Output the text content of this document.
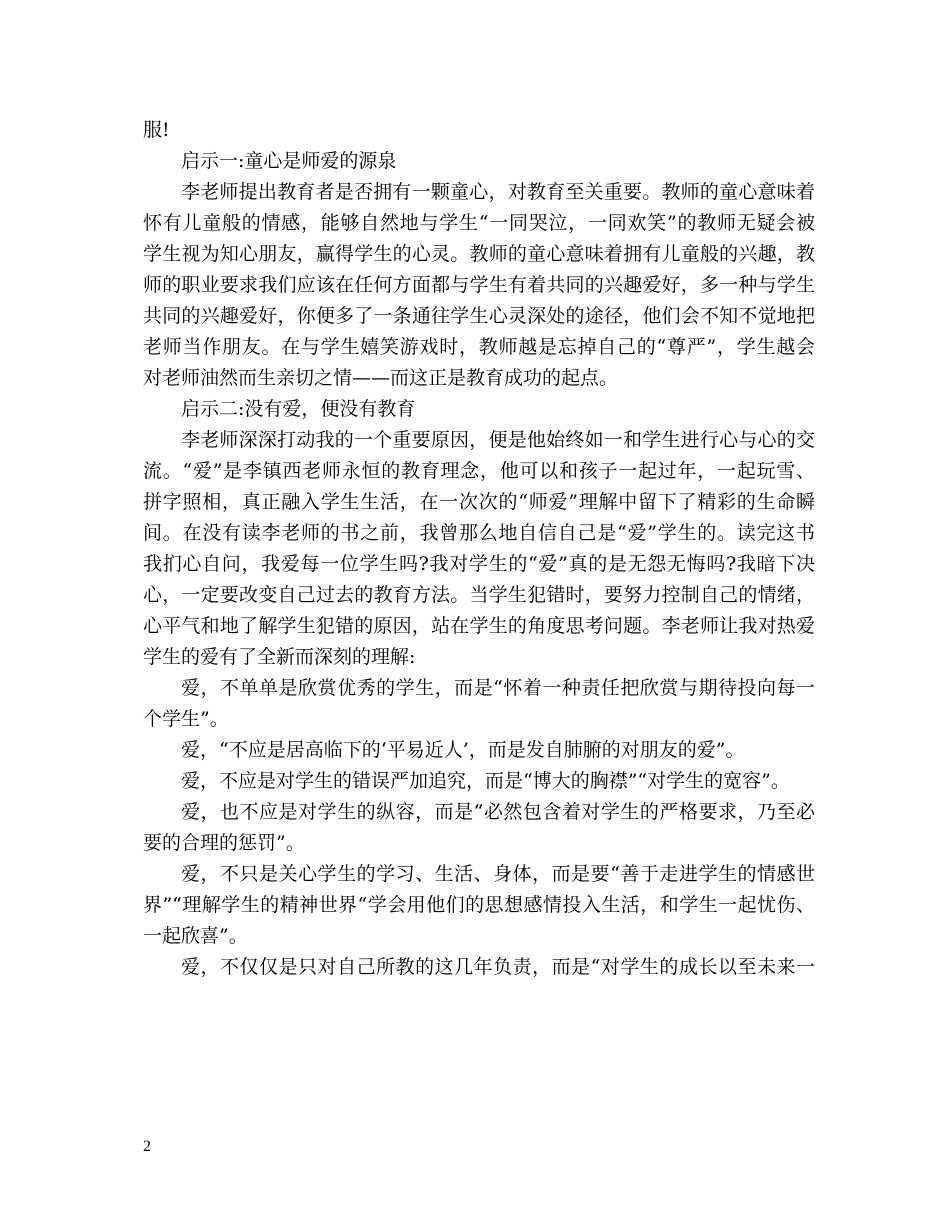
服!
启示一:童心是师爱的源泉
李老师提出教育者是否拥有一颗童心，对教育至关重要。教师的童心意味着
怀有儿童般的情感，能够自然地与学生“一同哭泣，一同欢笑”的教师无疑会被
学生视为知心朋友，赢得学生的心灵。教师的童心意味着拥有儿童般的兴趣，教
师的职业要求我们应该在任何方面都与学生有着共同的兴趣爱好，多一种与学生
共同的兴趣爱好，你便多了一条通往学生心灵深处的途径，他们会不知不觉地把
老师当作朋友。在与学生嬉笑游戏时，教师越是忘掉自己的“尊严”，学生越会
对老师油然而生亲切之情——而这正是教育成功的起点。
启示二:没有爱，便没有教育
李老师深深打动我的一个重要原因，便是他始终如一和学生进行心与心的交
流。“爱”是李镇西老师永恒的教育理念，他可以和孩子一起过年，一起玩雪、
拼字照相，真正融入学生生活，在一次次的“师爱”理解中留下了精彩的生命瞬
间。在没有读李老师的书之前，我曾那么地自信自己是“爱”学生的。读完这书
我扪心自问，我爱每一位学生吗?我对学生的“爱”真的是无怨无悔吗?我暗下决
心，一定要改变自己过去的教育方法。当学生犯错时，要努力控制自己的情绪，
心平气和地了解学生犯错的原因，站在学生的角度思考问题。李老师让我对热爱
学生的爱有了全新而深刻的理解:
爱，不单单是欣赏优秀的学生，而是“怀着一种责任把欣赏与期待投向每一
个学生”。
爱，“不应是居高临下的‘平易近人’，而是发自肺腑的对朋友的爱”。
爱，不应是对学生的错误严加追究，而是“博大的胸襟”“对学生的宽容”。
爱，也不应是对学生的纵容，而是“必然包含着对学生的严格要求，乃至必
要的合理的惩罚”。
爱，不只是关心学生的学习、生活、身体，而是要“善于走进学生的情感世
界”“理解学生的精神世界“学会用他们的思想感情投入生活，和学生一起忧伤、
一起欣喜”。
爱，不仅仅是只对自己所教的这几年负责，而是“对学生的成长以至未来一
2
